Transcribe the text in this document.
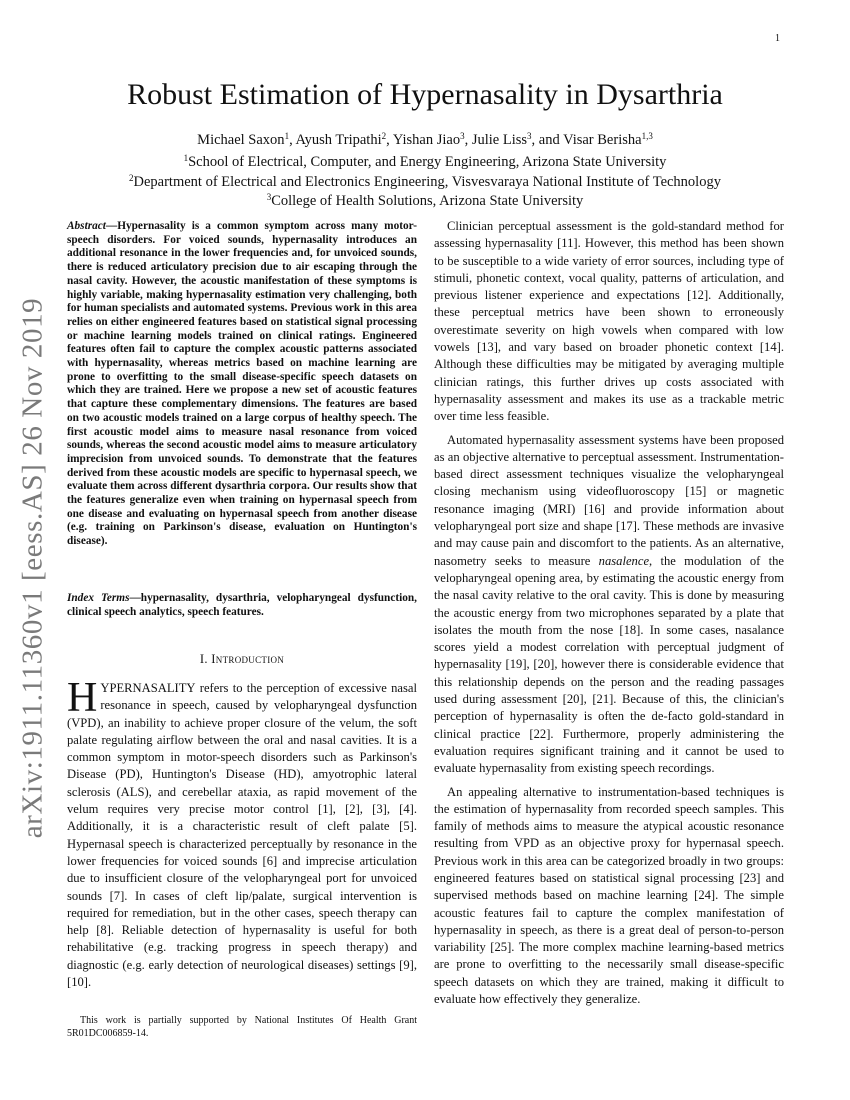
1
arXiv:1911.11360v1 [eess.AS] 26 Nov 2019
Robust Estimation of Hypernasality in Dysarthria
Michael Saxon$^1$, Ayush Tripathi$^2$, Yishan Jiao$^3$, Julie Liss$^3$, and Visar Berisha$^{1,3}$
$^1$School of Electrical, Computer, and Energy Engineering, Arizona State University
$^2$Department of Electrical and Electronics Engineering, Visvesvaraya National Institute of Technology
$^3$College of Health Solutions, Arizona State University
Abstract—Hypernasality is a common symptom across many motor-speech disorders. For voiced sounds, hypernasality introduces an additional resonance in the lower frequencies and, for unvoiced sounds, there is reduced articulatory precision due to air escaping through the nasal cavity. However, the acoustic manifestation of these symptoms is highly variable, making hypernasality estimation very challenging, both for human specialists and automated systems. Previous work in this area relies on either engineered features based on statistical signal processing or machine learning models trained on clinical ratings. Engineered features often fail to capture the complex acoustic patterns associated with hypernasality, whereas metrics based on machine learning are prone to overfitting to the small disease-specific speech datasets on which they are trained. Here we propose a new set of acoustic features that capture these complementary dimensions. The features are based on two acoustic models trained on a large corpus of healthy speech. The first acoustic model aims to measure nasal resonance from voiced sounds, whereas the second acoustic model aims to measure articulatory imprecision from unvoiced sounds. To demonstrate that the features derived from these acoustic models are specific to hypernasal speech, we evaluate them across different dysarthria corpora. Our results show that the features generalize even when training on hypernasal speech from one disease and evaluating on hypernasal speech from another disease (e.g. training on Parkinson's disease, evaluation on Huntington's disease).
Index Terms—hypernasality, dysarthria, velopharyngeal dysfunction, clinical speech analytics, speech features.
I. Introduction

HYPERNASALITY refers to the perception of excessive nasal resonance in speech, caused by velopharyngeal dysfunction (VPD), an inability to achieve proper closure of the velum, the soft palate regulating airflow between the oral and nasal cavities. It is a common symptom in motor-speech disorders such as Parkinson's Disease (PD), Huntington's Disease (HD), amyotrophic lateral sclerosis (ALS), and cerebellar ataxia, as rapid movement of the velum requires very precise motor control [1], [2], [3], [4]. Additionally, it is a characteristic result of cleft palate [5]. Hypernasal speech is characterized perceptually by resonance in the lower frequencies for voiced sounds [6] and imprecise articulation due to insufficient closure of the velopharyngeal port for unvoiced sounds [7]. In cases of cleft lip/palate, surgical intervention is required for remediation, but in the other cases, speech therapy can help [8]. Reliable detection of hypernasality is useful for both rehabilitative (e.g. tracking progress in speech therapy) and diagnostic (e.g. early detection of neurological diseases) settings [9], [10].

This work is partially supported by National Institutes Of Health Grant 5R01DC006859-14.

Clinician perceptual assessment is the gold-standard method for assessing hypernasality [11]. However, this method has been shown to be susceptible to a wide variety of error sources, including type of stimuli, phonetic context, vocal quality, patterns of articulation, and previous listener experience and expectations [12]. Additionally, these perceptual metrics have been shown to erroneously overestimate severity on high vowels when compared with low vowels [13], and vary based on broader phonetic context [14]. Although these difficulties may be mitigated by averaging multiple clinician ratings, this further drives up costs associated with hypernasality assessment and makes its use as a trackable metric over time less feasible.

Automated hypernasality assessment systems have been proposed as an objective alternative to perceptual assessment. Instrumentation-based direct assessment techniques visualize the velopharyngeal closing mechanism using videofluoroscopy [15] or magnetic resonance imaging (MRI) [16] and provide information about velopharyngeal port size and shape [17]. These methods are invasive and may cause pain and discomfort to the patients. As an alternative, nasometry seeks to measure nasalence, the modulation of the velopharyngeal opening area, by estimating the acoustic energy from the nasal cavity relative to the oral cavity. This is done by measuring the acoustic energy from two microphones separated by a plate that isolates the mouth from the nose [18]. In some cases, nasalance scores yield a modest correlation with perceptual judgment of hypernasality [19], [20], however there is considerable evidence that this relationship depends on the person and the reading passages used during assessment [20], [21]. Because of this, the clinician's perception of hypernasality is often the de-facto gold-standard in clinical practice [22]. Furthermore, properly administering the evaluation requires significant training and it cannot be used to evaluate hypernasality from existing speech recordings.

An appealing alternative to instrumentation-based techniques is the estimation of hypernasality from recorded speech samples. This family of methods aims to measure the atypical acoustic resonance resulting from VPD as an objective proxy for hypernasal speech. Previous work in this area can be categorized broadly in two groups: engineered features based on statistical signal processing [23] and supervised methods based on machine learning [24]. The simple acoustic features fail to capture the complex manifestation of hypernasality in speech, as there is a great deal of person-to-person variability [25]. The more complex machine learning-based metrics are prone to overfitting to the necessarily small disease-specific speech datasets on which they are trained, making it difficult to evaluate how effectively they generalize.
